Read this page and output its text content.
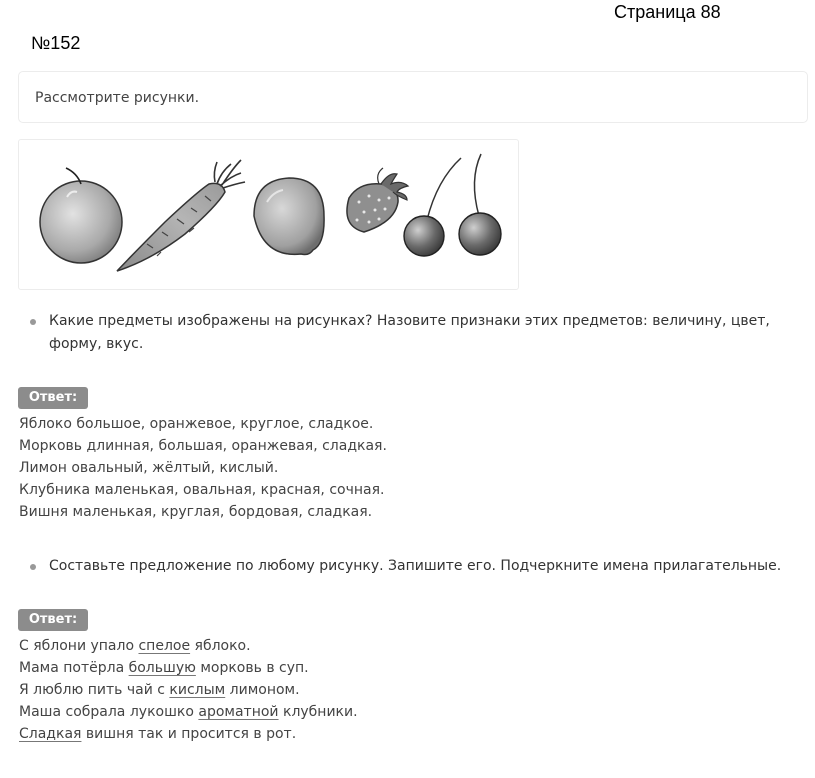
Страница 88
№152
Рассмотрите рисунки.
Какие предметы изображены на рисунках? Назовите признаки этих предметов: величину, цвет,
форму, вкус.
Ответ:
Яблоко большое, оранжевое, круглое, сладкое.
Морковь длинная, большая, оранжевая, сладкая.
Лимон овальный, жёлтый, кислый.
Клубника маленькая, овальная, красная, сочная.
Вишня маленькая, круглая, бордовая, сладкая.
Составьте предложение по любому рисунку. Запишите его. Подчеркните имена прилагательные.
Ответ:
С яблони упало спелое яблоко.
Мама потёрла большую морковь в суп.
Я люблю пить чай с кислым лимоном.
Маша собрала лукошко ароматной клубники.
Сладкая вишня так и просится в рот.
